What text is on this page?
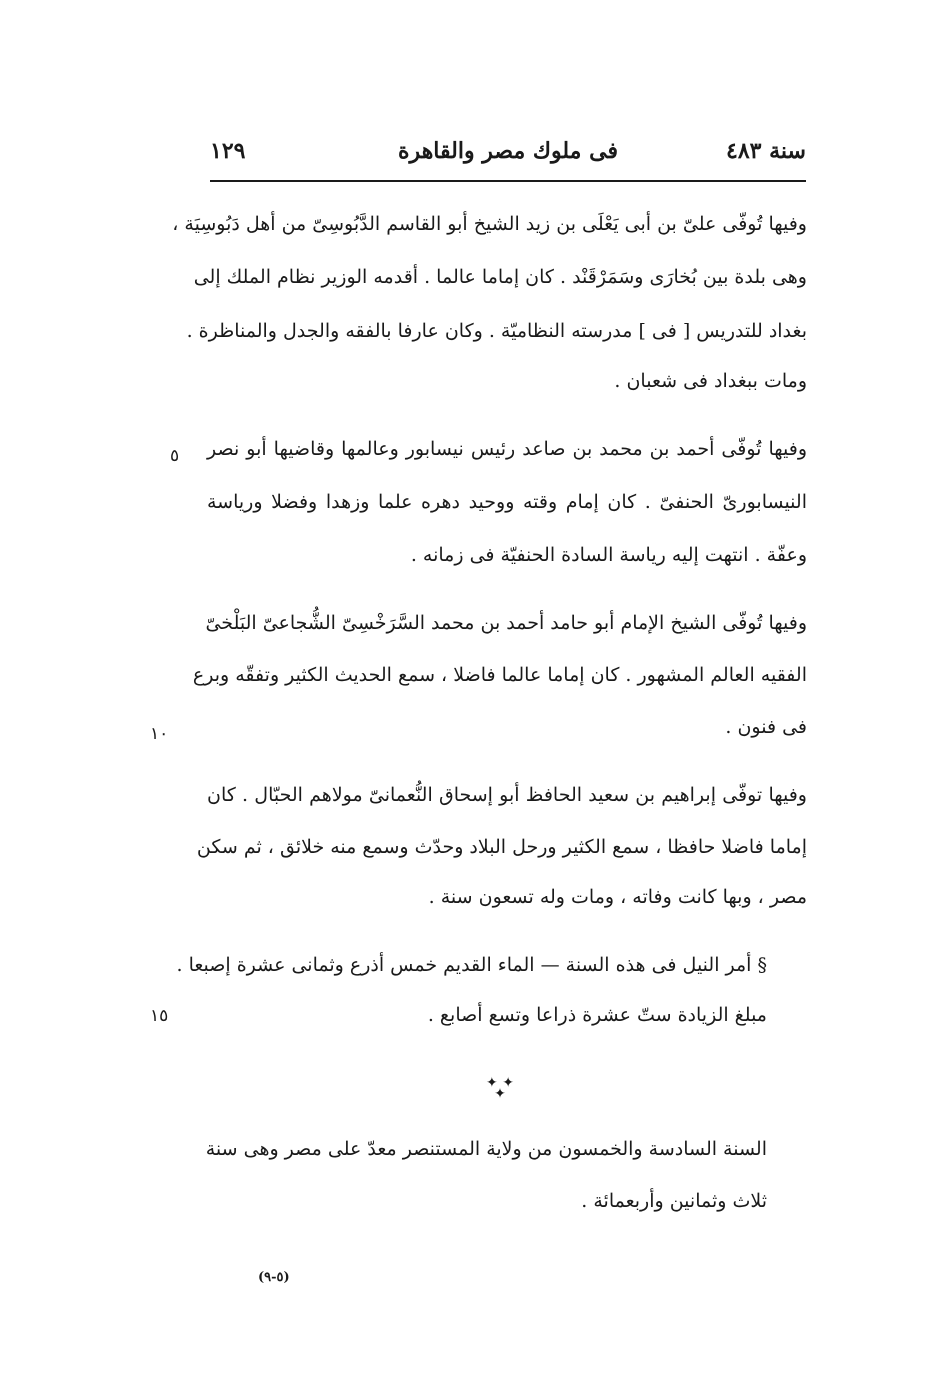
سنة ٤٨٣
فى ملوك مصر والقاهرة
١٢٩
وفيها تُوفّى علىّ بن أبى يَعْلَى بن زيد الشيخ أبو القاسم الدَّبُوسِىّ من أهل دَبُوسِيَة ،
وهى بلدة بين بُخارَى وسَمَرْقَنْد . كان إماما عالما . أقدمه الوزير نظام الملك إلى
بغداد للتدريس [ فى ] مدرسته النظاميّة . وكان عارفا بالفقه والجدل والمناظرة .
ومات ببغداد فى شعبان .
وفيها تُوفّى أحمد بن محمد بن صاعد رئيس نيسابور وعالمها وقاضيها أبو نصر
النيسابورىّ الحنفىّ . كان إمام وقته ووحيد دهره علما وزهدا وفضلا ورياسة
وعفّة . انتهت إليه رياسة السادة الحنفيّة فى زمانه .
وفيها تُوفّى الشيخ الإمام أبو حامد أحمد بن محمد السَّرَخْسِىّ الشُّجاعىّ البَلْخىّ
الفقيه العالم المشهور . كان إماما عالما فاضلا ، سمع الحديث الكثير وتفقّه وبرع
فى فنون .
وفيها توفّى إبراهيم بن سعيد الحافظ أبو إسحاق النُّعمانىّ مولاهم الحبّال . كان
إماما فاضلا حافظا ، سمع الكثير ورحل البلاد وحدّث وسمع منه خلائق ، ثم سكن
مصر ، وبها كانت وفاته ، ومات وله تسعون سنة .
§ أمر النيل فى هذه السنة — الماء القديم خمس أذرع وثمانى عشرة إصبعا .
مبلغ الزيادة ستّ عشرة ذراعا وتسع أصابع .
✦ ✦ ✦
السنة السادسة والخمسون من ولاية المستنصر معدّ على مصر وهى سنة
ثلاث وثمانين وأربعمائة .
٥
١٠
١٥
(٥-٩)
